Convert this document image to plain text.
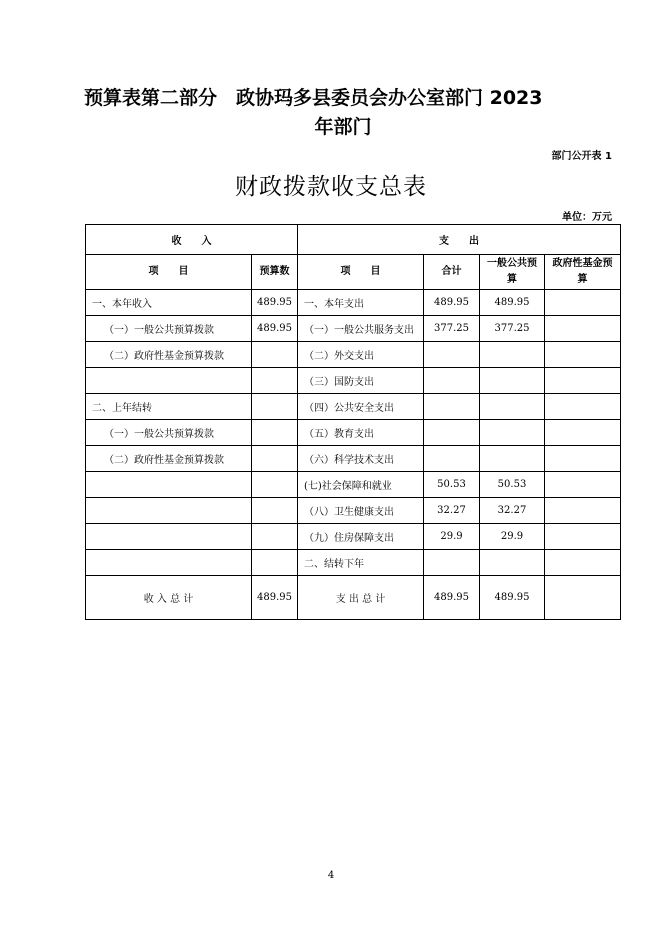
预算表第二部分　政协玛多县委员会办公室部门 2023
年部门
部门公开表 1
财政拨款收支总表
单位：万元
收　　入		支　　出			
项　　目	预算数	项　　目	合计	一般公共预算	政府性基金预算
一、本年收入	489.95	一、本年支出	489.95	489.95	
（一）一般公共预算拨款	489.95	（一）一般公共服务支出	377.25	377.25	
（二）政府性基金预算拨款		（二）外交支出			
		（三）国防支出			
二、上年结转		（四）公共安全支出			
（一）一般公共预算拨款		（五）教育支出			
（二）政府性基金预算拨款		（六）科学技术支出			
		(七)社会保障和就业	50.53	50.53	
		（八）卫生健康支出	32.27	32.27	
		（九）住房保障支出	29.9	29.9	
		二、结转下年			
收 入 总 计	489.95	支 出 总 计	489.95	489.95	
4
